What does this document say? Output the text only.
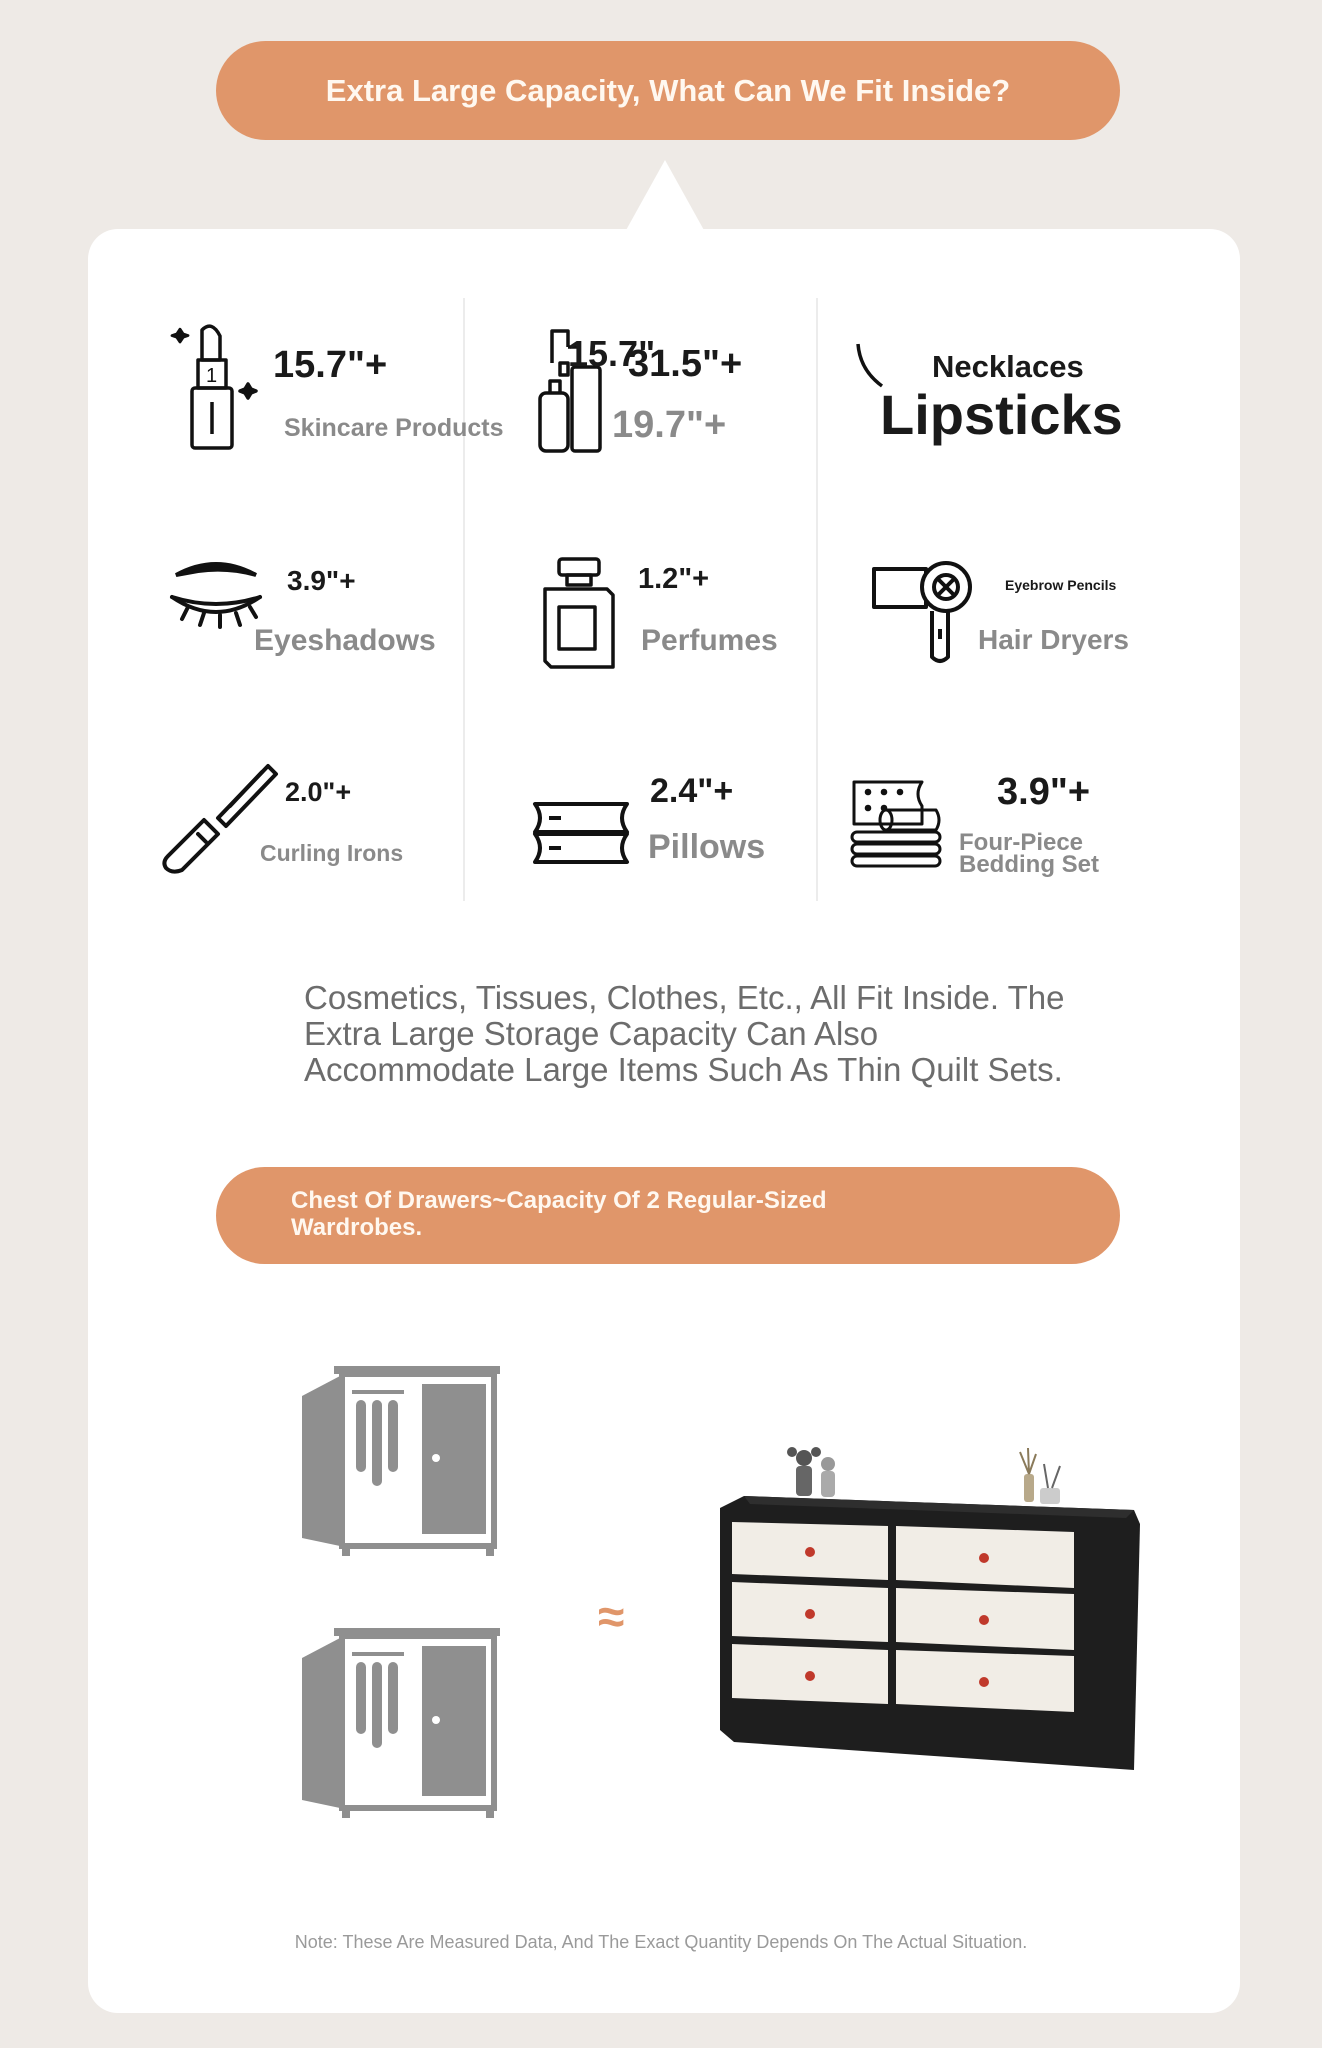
Extra Large Capacity, What Can We Fit Inside?
1 15.7"+
Skincare Products
15.7"
31.5"+
19.7"+
Necklaces
Lipsticks
3.9"+
Eyeshadows
1.2"+
Perfumes
Eyebrow Pencils
Hair Dryers
2.0"+
Curling Irons
2.4"+
Pillows
3.9"+
Four-Piece
Bedding Set
Cosmetics, Tissues, Clothes, Etc., All Fit Inside. The
Extra Large Storage Capacity Can Also
Accommodate Large Items Such As Thin Quilt Sets.
Chest Of Drawers~Capacity Of 2 Regular-Sized
Wardrobes.
≈
Note: These Are Measured Data, And The Exact Quantity Depends On The Actual Situation.
